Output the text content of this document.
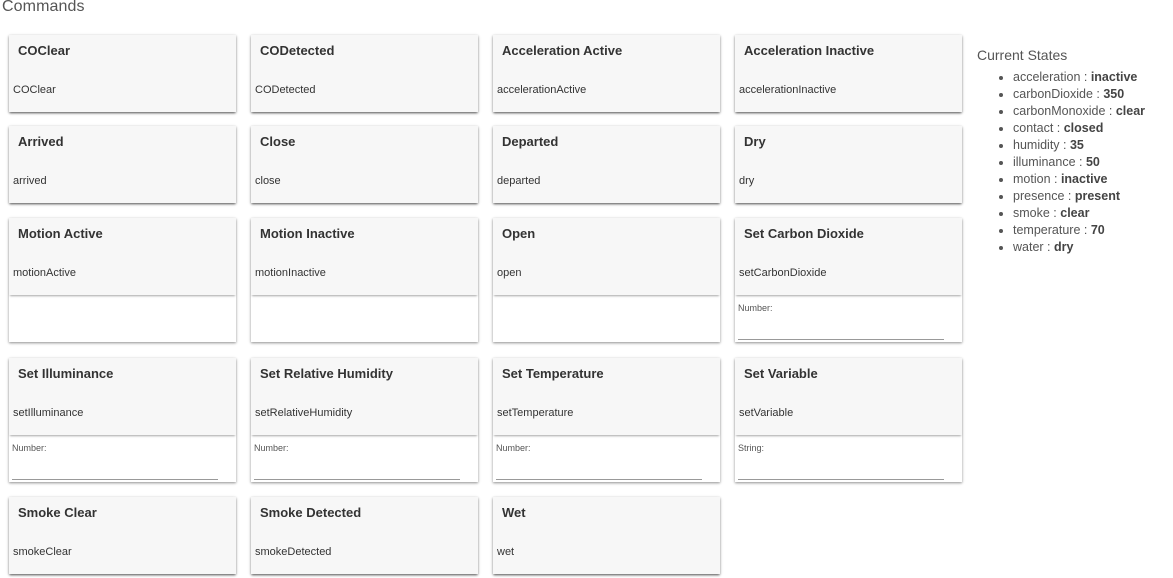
Commands
COClear
COClear
CODetected
CODetected
Acceleration Active
accelerationActive
Acceleration Inactive
accelerationInactive
Arrived
arrived
Close
close
Departed
departed
Dry
dry
Motion Active
motionActive
Motion Inactive
motionInactive
Open
open
Set Carbon Dioxide
setCarbonDioxide
Number:
Set Illuminance
setIlluminance
Number:
Set Relative Humidity
setRelativeHumidity
Number:
Set Temperature
setTemperature
Number:
Set Variable
setVariable
String:
Smoke Clear
smokeClear
Smoke Detected
smokeDetected
Wet
wet
Current States
• acceleration : inactive
• carbonDioxide : 350
• carbonMonoxide : clear
• contact : closed
• humidity : 35
• illuminance : 50
• motion : inactive
• presence : present
• smoke : clear
• temperature : 70
• water : dry
